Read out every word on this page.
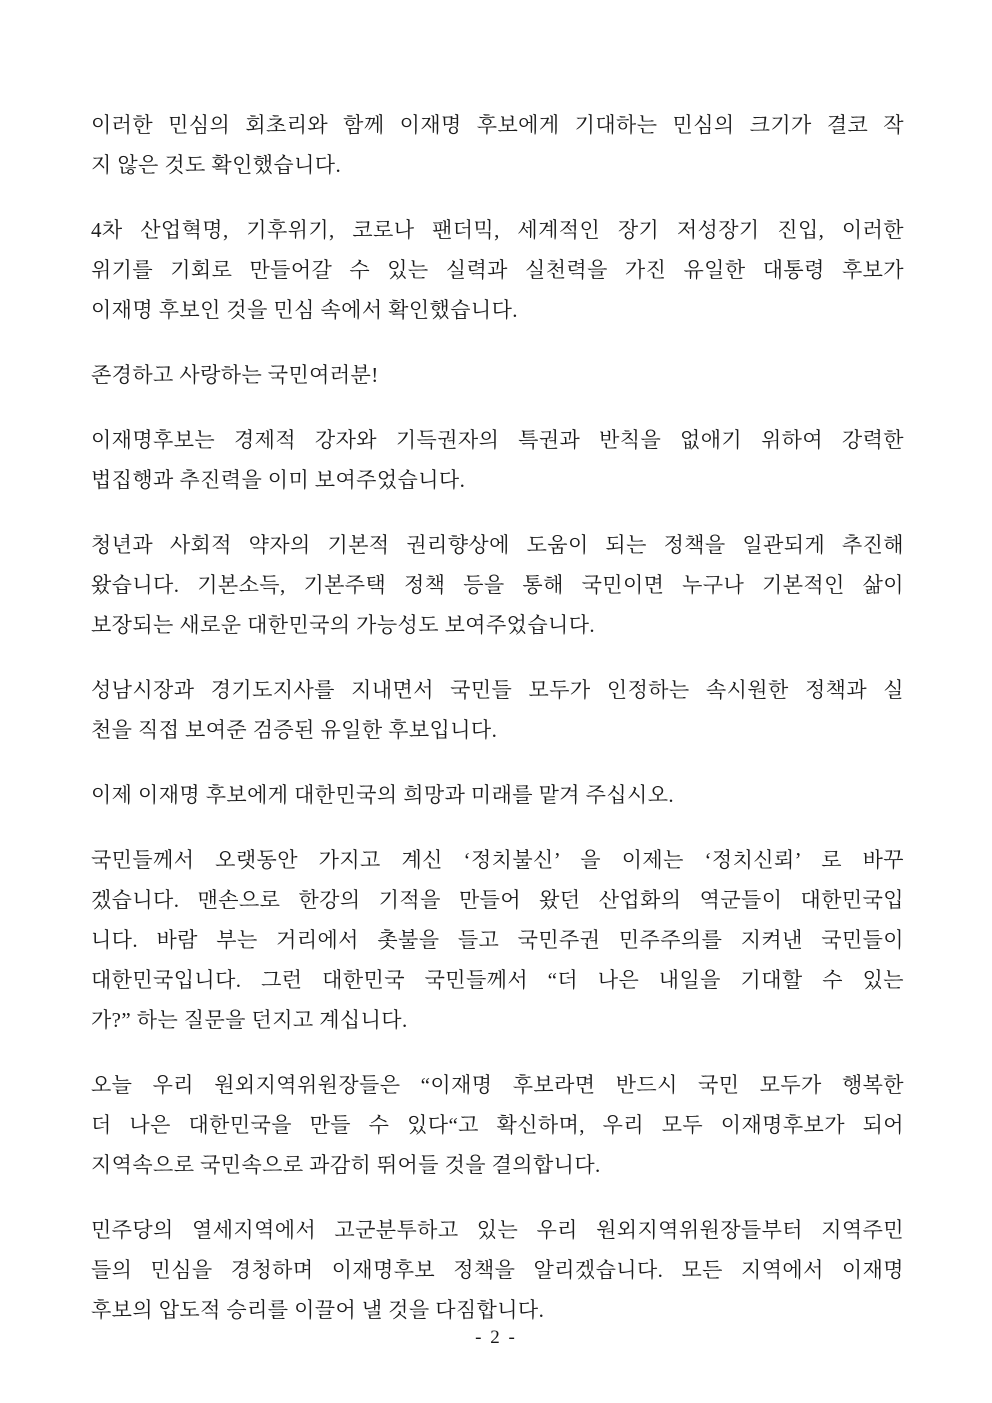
이러한 민심의 회초리와 함께 이재명 후보에게 기대하는 민심의 크기가 결코 작
지 않은 것도 확인했습니다.
4차 산업혁명, 기후위기, 코로나 팬더믹, 세계적인 장기 저성장기 진입, 이러한
위기를 기회로 만들어갈 수 있는 실력과 실천력을 가진 유일한 대통령 후보가
이재명 후보인 것을 민심 속에서 확인했습니다.
존경하고 사랑하는 국민여러분!
이재명후보는 경제적 강자와 기득권자의 특권과 반칙을 없애기 위하여 강력한
법집행과 추진력을 이미 보여주었습니다.
청년과 사회적 약자의 기본적 권리향상에 도움이 되는 정책을 일관되게 추진해
왔습니다. 기본소득, 기본주택 정책 등을 통해 국민이면 누구나 기본적인 삶이
보장되는 새로운 대한민국의 가능성도 보여주었습니다.
성남시장과 경기도지사를 지내면서 국민들 모두가 인정하는 속시원한 정책과 실
천을 직접 보여준 검증된 유일한 후보입니다.
이제 이재명 후보에게 대한민국의 희망과 미래를 맡겨 주십시오.
국민들께서 오랫동안 가지고 계신 ‘정치불신’ 을 이제는 ‘정치신뢰’ 로 바꾸
겠습니다. 맨손으로 한강의 기적을 만들어 왔던 산업화의 역군들이 대한민국입
니다. 바람 부는 거리에서 촛불을 들고 국민주권 민주주의를 지켜낸 국민들이
대한민국입니다. 그런 대한민국 국민들께서 “더 나은 내일을 기대할 수 있는
가?” 하는 질문을 던지고 계십니다.
오늘 우리 원외지역위원장들은 “이재명 후보라면 반드시 국민 모두가 행복한
더 나은 대한민국을 만들 수 있다“고 확신하며, 우리 모두 이재명후보가 되어
지역속으로 국민속으로 과감히 뛰어들 것을 결의합니다.
민주당의 열세지역에서 고군분투하고 있는 우리 원외지역위원장들부터 지역주민
들의 민심을 경청하며 이재명후보 정책을 알리겠습니다. 모든 지역에서 이재명
후보의 압도적 승리를 이끌어 낼 것을 다짐합니다.
- 2 -
